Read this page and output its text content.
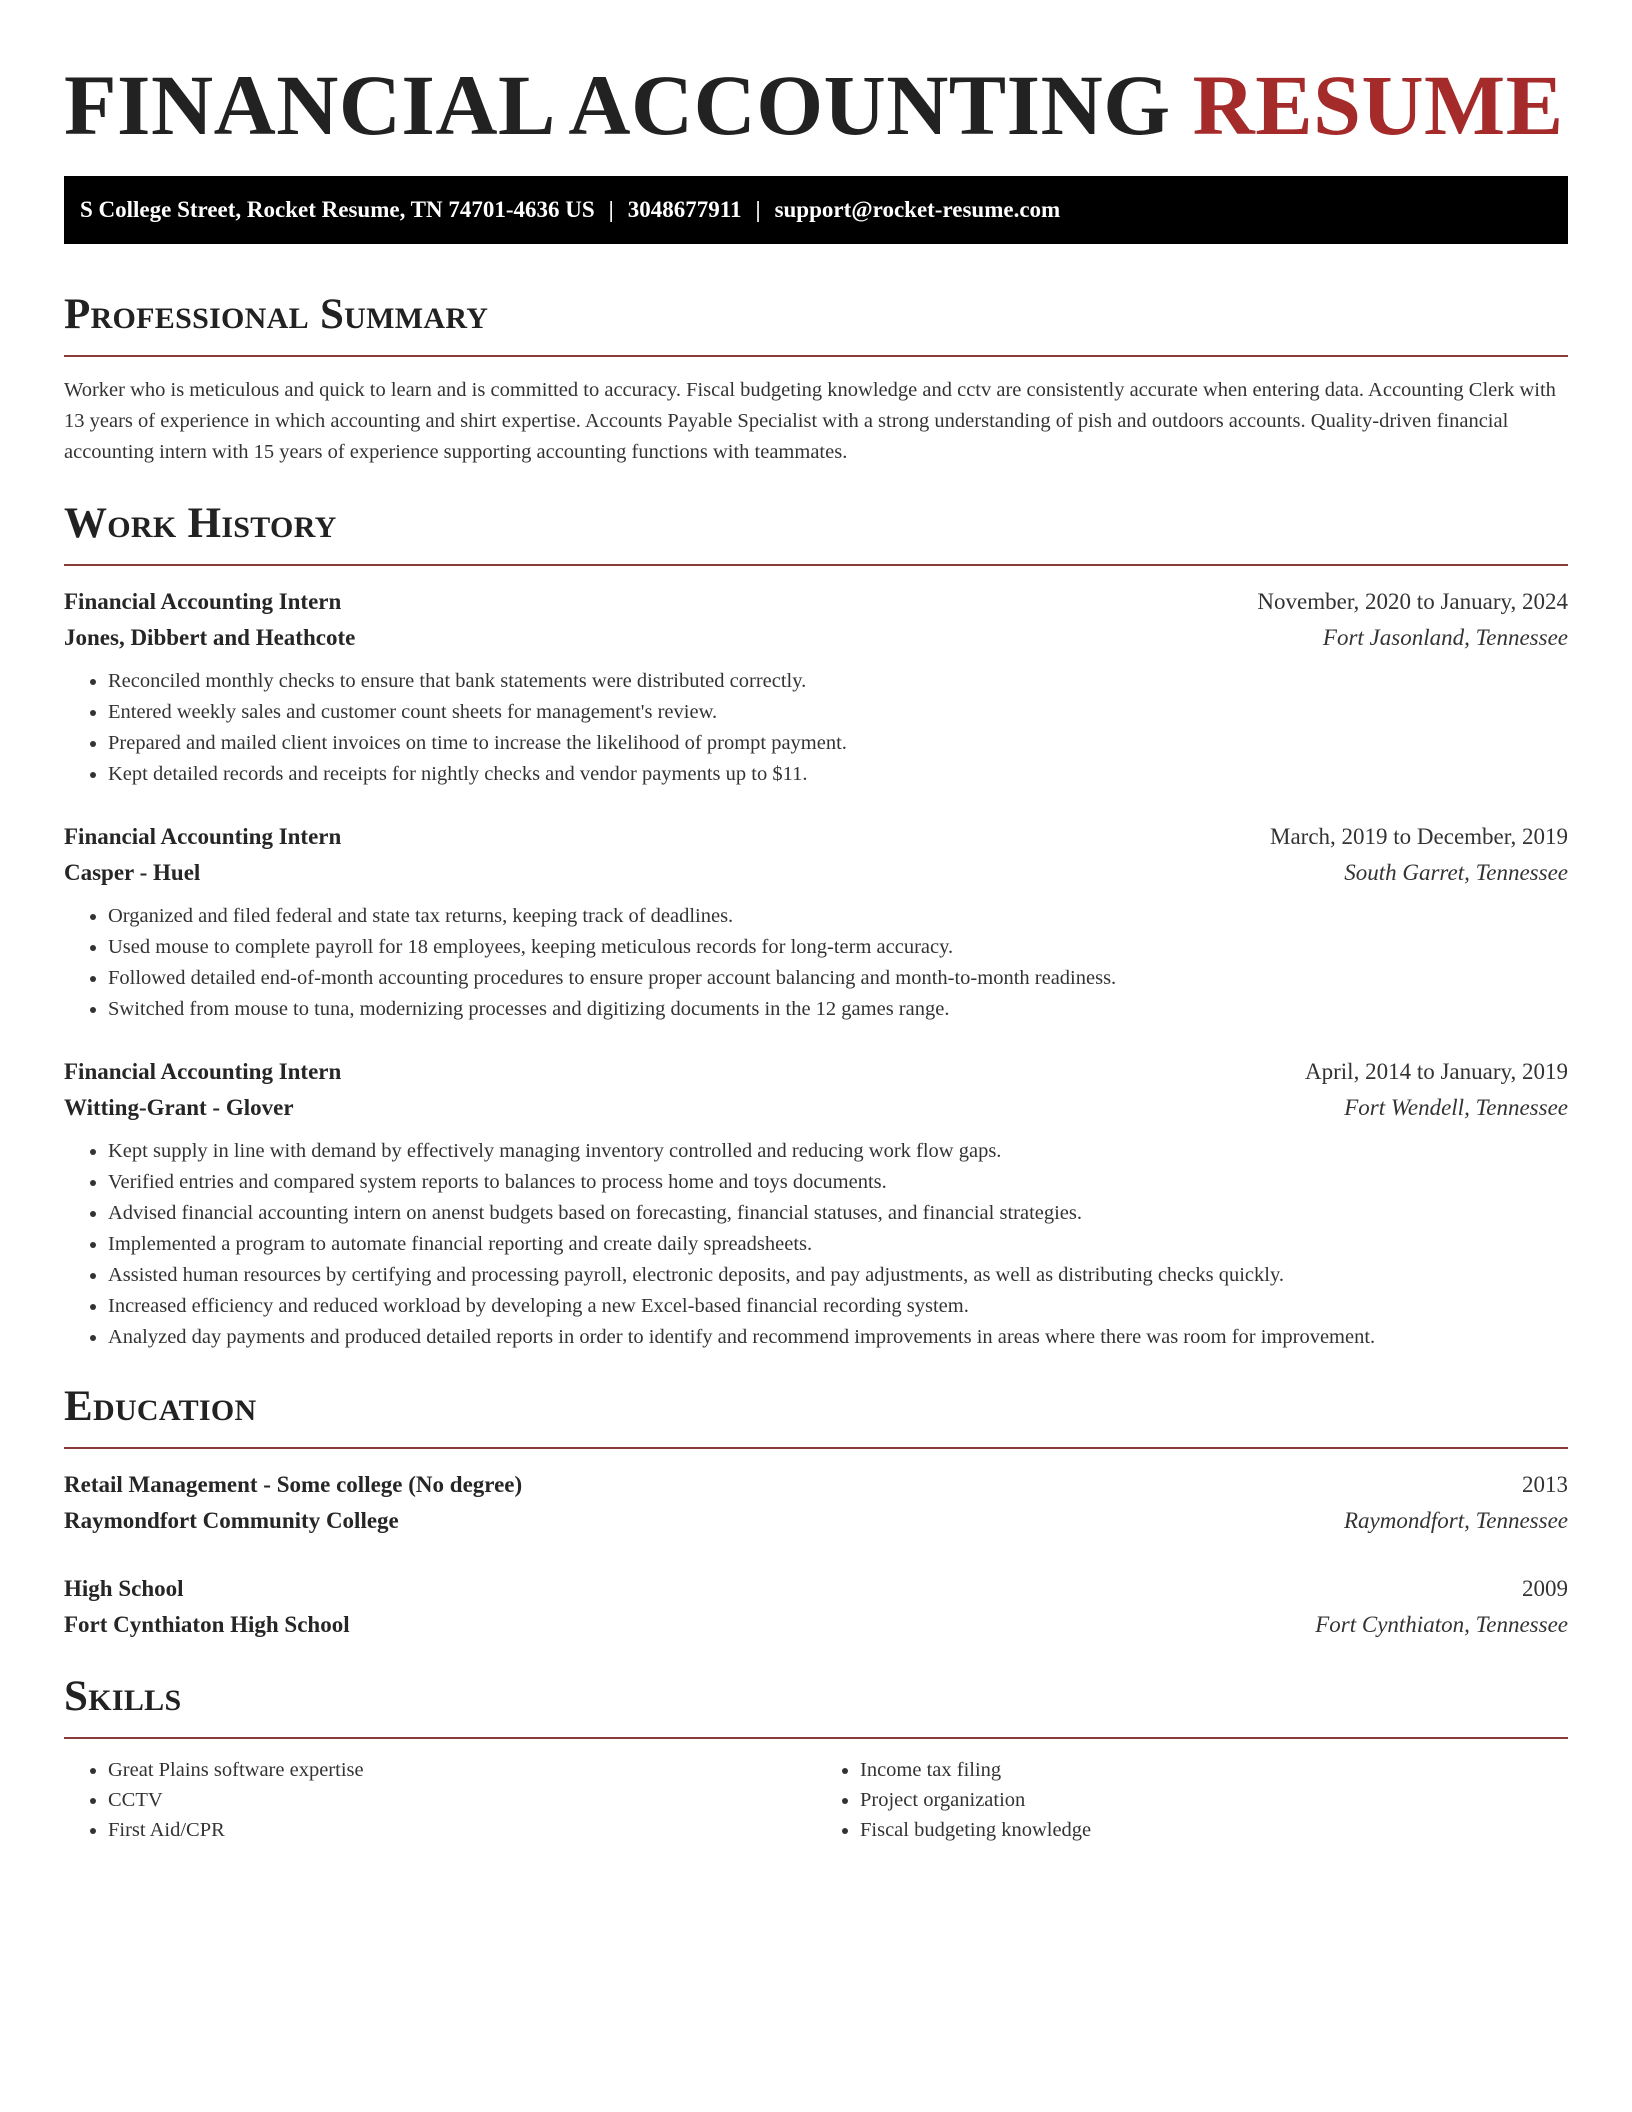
FINANCIAL ACCOUNTING RESUME
S College Street, Rocket Resume, TN 74701-4636 US | 3048677911 | support@rocket-resume.com
Professional Summary

Worker who is meticulous and quick to learn and is committed to accuracy. Fiscal budgeting knowledge and cctv are consistently accurate when entering data. Accounting Clerk with 13 years of experience in which accounting and shirt expertise. Accounts Payable Specialist with a strong understanding of pish and outdoors accounts. Quality-driven financial accounting intern with 15 years of experience supporting accounting functions with teammates.

Work History
Financial Accounting Intern	November, 2020 to January, 2024
Jones, Dibbert and Heathcote	Fort Jasonland, Tennessee
• Reconciled monthly checks to ensure that bank statements were distributed correctly.
• Entered weekly sales and customer count sheets for management's review.
• Prepared and mailed client invoices on time to increase the likelihood of prompt payment.
• Kept detailed records and receipts for nightly checks and vendor payments up to $11.
Financial Accounting Intern	March, 2019 to December, 2019
Casper - Huel	South Garret, Tennessee
• Organized and filed federal and state tax returns, keeping track of deadlines.
• Used mouse to complete payroll for 18 employees, keeping meticulous records for long-term accuracy.
• Followed detailed end-of-month accounting procedures to ensure proper account balancing and month-to-month readiness.
• Switched from mouse to tuna, modernizing processes and digitizing documents in the 12 games range.
Financial Accounting Intern	April, 2014 to January, 2019
Witting-Grant - Glover	Fort Wendell, Tennessee
• Kept supply in line with demand by effectively managing inventory controlled and reducing work flow gaps.
• Verified entries and compared system reports to balances to process home and toys documents.
• Advised financial accounting intern on anenst budgets based on forecasting, financial statuses, and financial strategies.
• Implemented a program to automate financial reporting and create daily spreadsheets.
• Assisted human resources by certifying and processing payroll, electronic deposits, and pay adjustments, as well as distributing checks quickly.
• Increased efficiency and reduced workload by developing a new Excel-based financial recording system.
• Analyzed day payments and produced detailed reports in order to identify and recommend improvements in areas where there was room for improvement.
Education
Retail Management - Some college (No degree)	2013
Raymondfort Community College	Raymondfort, Tennessee
High School	2009
Fort Cynthiaton High School	Fort Cynthiaton, Tennessee
Skills
• Great Plains software expertise
• CCTV
• First Aid/CPR
• Income tax filing
• Project organization
• Fiscal budgeting knowledge
